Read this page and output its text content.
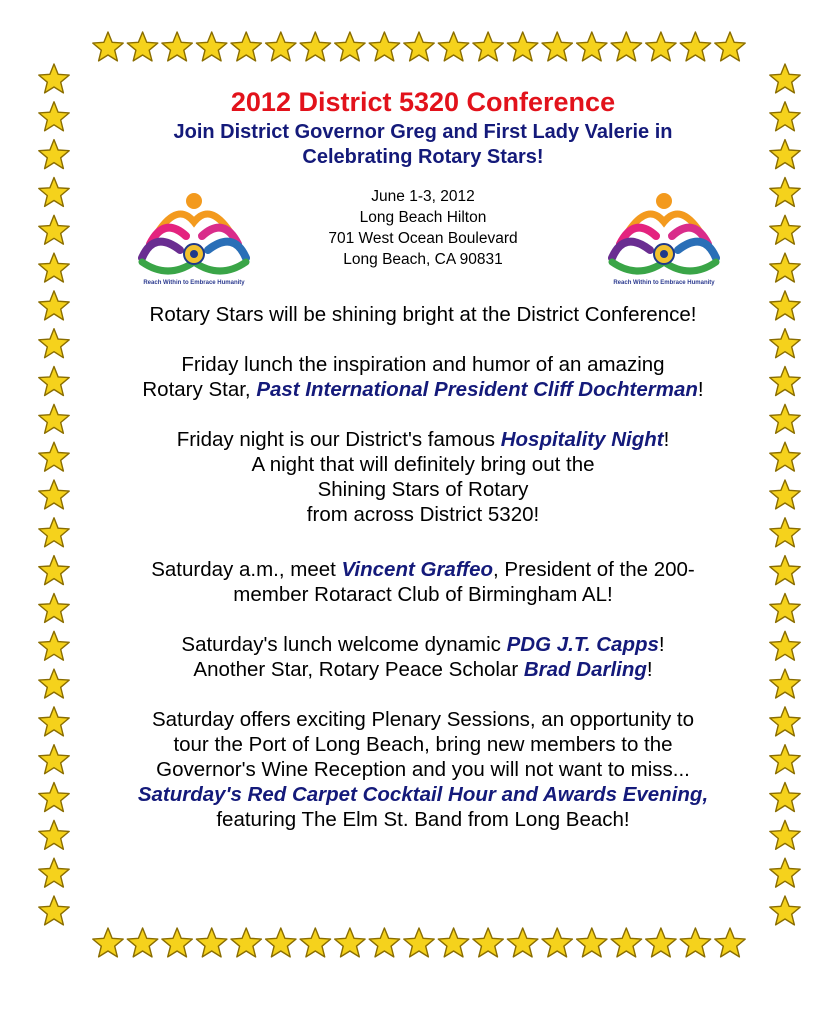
2012 District 5320 Conference

Join District Governor Greg and First Lady Valerie in
Celebrating Rotary Stars!

Reach Within to Embrace Humanity
June 1-3, 2012
Long Beach Hilton
701 West Ocean Boulevard
Long Beach, CA 90831
Reach Within to Embrace Humanity

Rotary Stars will be shining bright at the District Conference!

Friday lunch the inspiration and humor of an amazing
Rotary Star, Past International President Cliff Dochterman!

Friday night is our District's famous Hospitality Night!
A night that will definitely bring out the
Shining Stars of Rotary
from across District 5320!

Saturday a.m., meet Vincent Graffeo, President of the 200-
member Rotaract Club of Birmingham AL!

Saturday's lunch welcome dynamic PDG J.T. Capps!
Another Star, Rotary Peace Scholar Brad Darling!

Saturday offers exciting Plenary Sessions, an opportunity to
tour the Port of Long Beach, bring new members to the
Governor's Wine Reception and you will not want to miss...
Saturday's Red Carpet Cocktail Hour and Awards Evening,
featuring The Elm St. Band from Long Beach!
